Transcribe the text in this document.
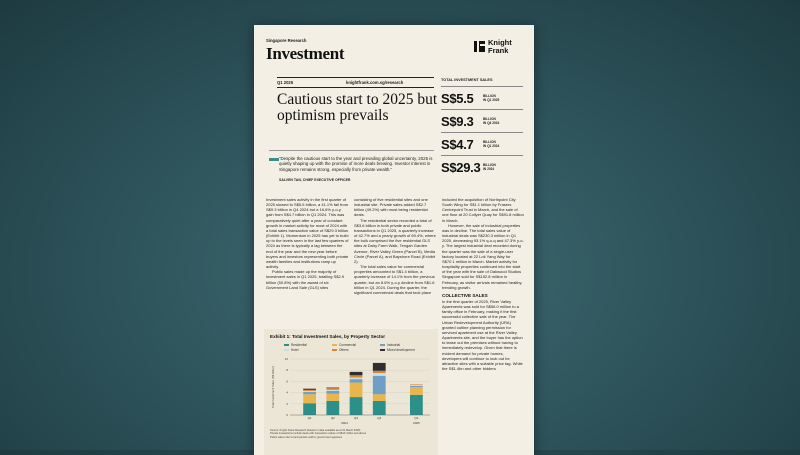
Singapore Research
Investment
Knight
Frank
Q1 2025	knightfrank.com.sg/research
Cautious start to 2025 but optimism prevails
▬ “Despite the cautious start to the year and prevailing global uncertainty, 2025 is quietly shaping up with the promise of more deals brewing. Investor interest in Singapore remains strong, especially from private wealth.”
SALVEN TAN, CHIEF EXECUTIVE OFFICER
TOTAL INVESTMENT SALES
S$5.5	BILLION
IN Q1 2025
S$9.3	BILLION
IN Q4 2024
S$4.7	BILLION
IN Q1 2024
S$29.3 BILLION
IN 2024

Investment sales activity in the first quarter of 2025 slowed to S$5.5 billion, a 41.1% fall from S$9.3 billion in Q4 2024 but a 16.6% y-o-y gain from S$4.7 billion in Q1 2024. This was comparatively quiet after a year of constant growth in market activity for most of 2024 with a total sales transaction value of S$29.3 billion (Exhibit 1). Momentum in 2025 has yet to build up to the levels seen in the last few quarters of 2024 as there is typically a lag between the end of the year and the new year before buyers and investors representing both private wealth families and institutions ramp up activity.

Public sales made up the majority of investment sales in Q1 2025, totalling S$2.9 billion (50.8%) with the award of six Government Land Sale (GLS) sites

consisting of five residential sites and one industrial site. Private sales added S$2.7 billion (49.2%) with most being residential deals.

The residential sector recorded a total of S$3.6 billion in both private and public transactions in Q1 2025, a quarterly increase of 42.7% and a yearly growth of 69.4%, where the bulk comprised the five residential GLS sites at Dairy Farm Walk, Tengah Garden Avenue, River Valley Green (Parcel B), Media Circle (Parcel A), and Bayshore Road (Exhibit 2).

The total sales value for commercial properties amounted to S$1.4 billion, a quarterly increase of 14.1% from the previous quarter, but an 8.6% y-o-y decline from S$1.6 billion in Q1 2024. During the quarter, the significant commercial deals that took place

included the acquisition of Northpoint City South Wing for S$1.1 billion by Frasers Centrepoint Trust in March, and the sale of one floor at 20 Collyer Quay for S$91.8 million in March.

However, the sale of industrial properties was in decline. The total sales value of industrial deals was S$230.3 million in Q1 2025, decreasing 93.1% q-o-q and 47.3% y-o-y. The largest industrial deal recorded during the quarter was the sale of a single-user factory located at 22 Lok Yang Way for S$70.1 million in March. Market activity for hospitality properties continued into the start of the year with the sale of Oakwood Studios Singapore sold for S$152.8 million in February, as visitor arrivals remained healthy, trending growth.

COLLECTIVE SALES

In the first quarter of 2025, River Valley Apartments was sold for S$56.0 million to a family office in February, making it the first successful collective sale of the year. The Urban Redevelopment Authority (URA) granted outline planning permission for serviced apartment use at the River Valley Apartments site, and the buyer has the option to lease out the premises without having to immediately redevelop. Given that there is evident demand for private homes, developers will continue to look out for attractive sites with a suitable price tag. While the S$1.4bn and other bidders

Exhibit 1: Total Investment Sales, by Property Sector
Residential	Commercial	Industrial
Hotel	Others	Mixed development
0
2
4
6
8
10
Total Investment Sales (S$ billion)
Q1	Q2	Q3	Q4	Q1
2024	2025
Source: Knight Frank Research (based on data available as at 31 March 2025)
Private transactions include deals with transaction values of S$10 million and above
Public sales refer to land parcels sold by government agencies
